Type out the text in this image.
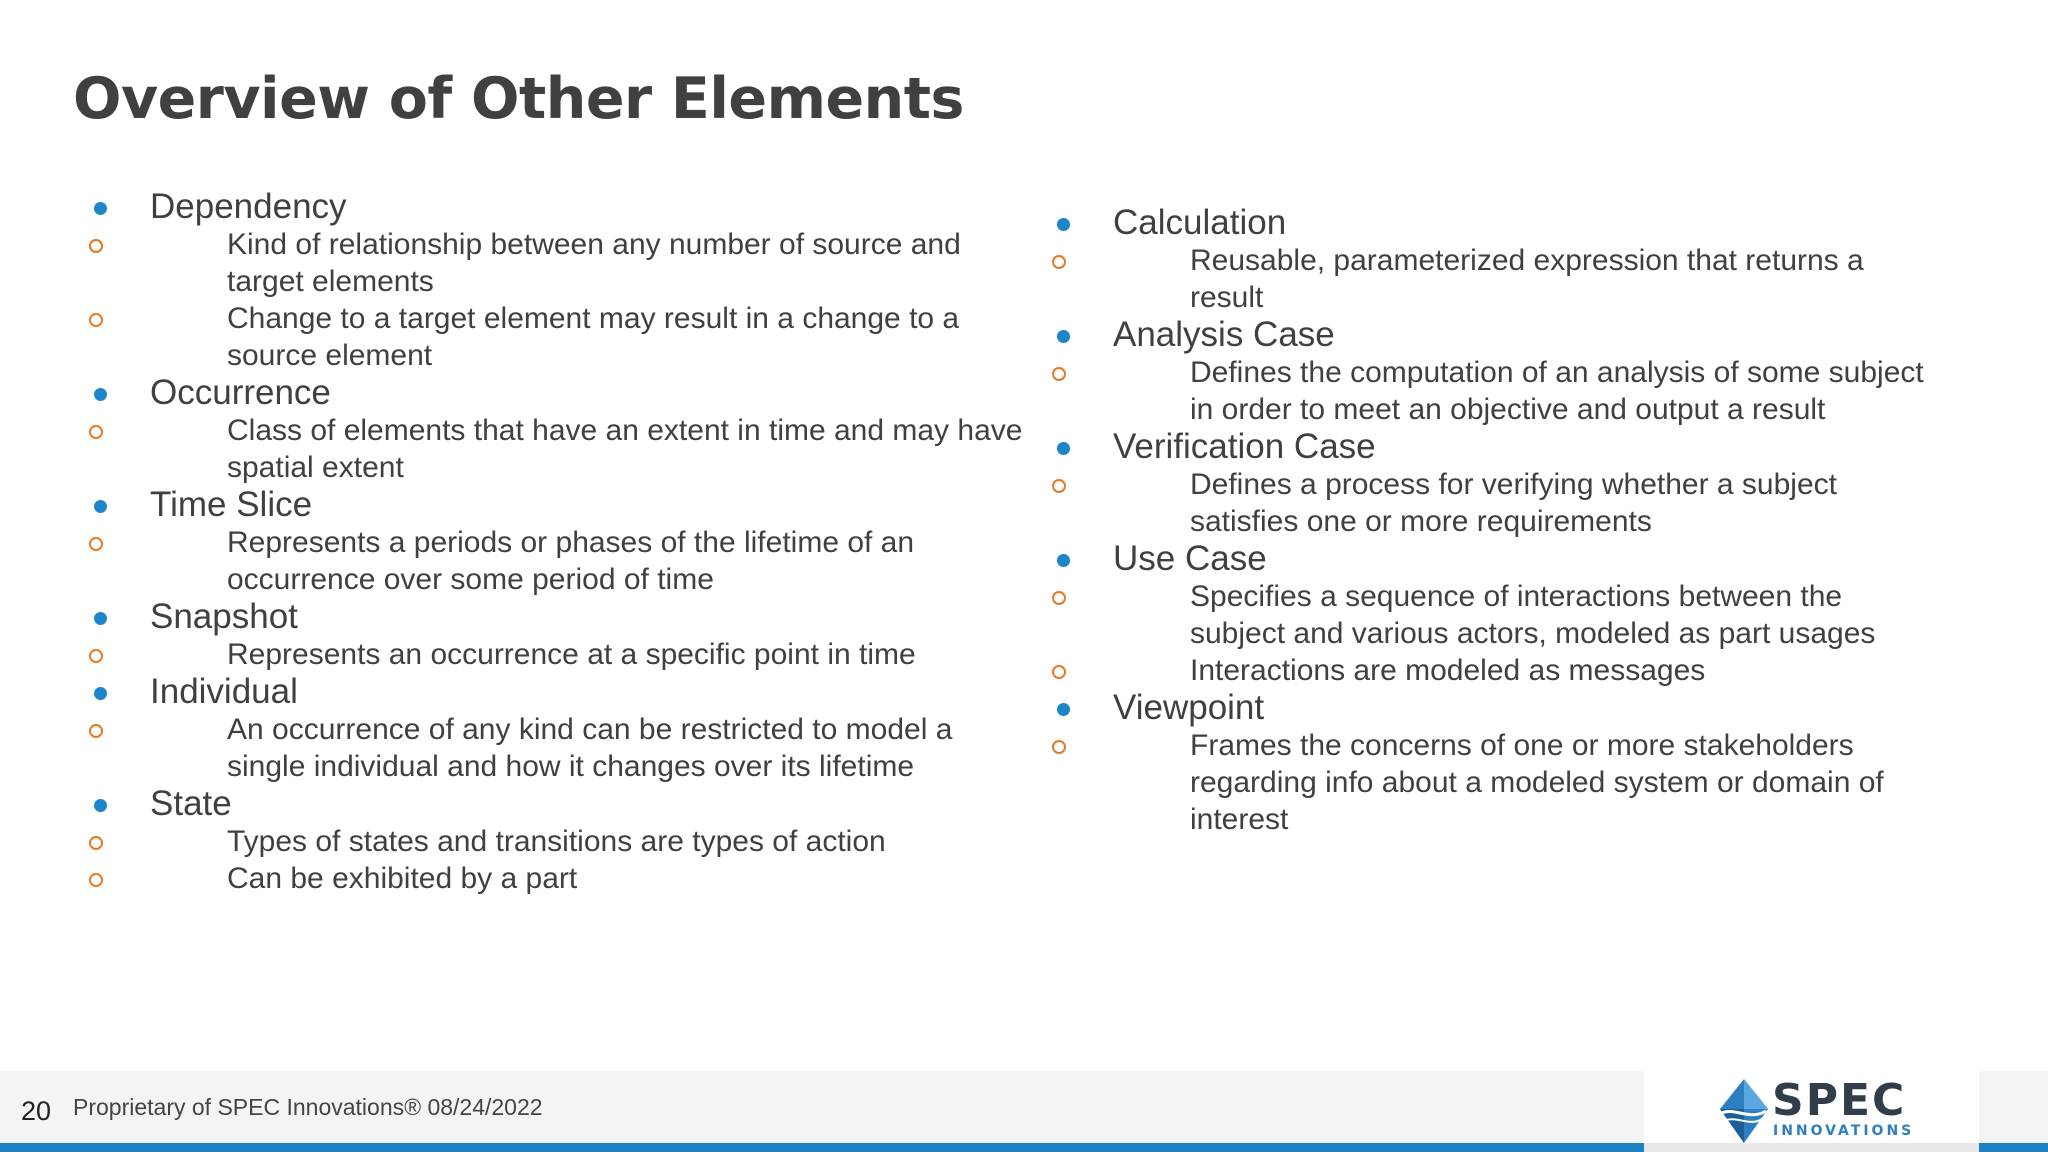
Overview of Other Elements
Dependency
Kind of relationship between any number of source and target elements
Change to a target element may result in a change to a source element
Occurrence
Class of elements that have an extent in time and may have spatial extent
Time Slice
Represents a periods or phases of the lifetime of an occurrence over some period of time
Snapshot
Represents an occurrence at a specific point in time
Individual
An occurrence of any kind can be restricted to model a single individual and how it changes over its lifetime
State
Types of states and transitions are types of action
Can be exhibited by a part
Calculation
Reusable, parameterized expression that returns a result
Analysis Case
Defines the computation of an analysis of some subject in order to meet an objective and output a result
Verification Case
Defines a process for verifying whether a subject satisfies one or more requirements
Use Case
Specifies a sequence of interactions between the subject and various actors, modeled as part usages
Interactions are modeled as messages
Viewpoint
Frames the concerns of one or more stakeholders regarding info about a modeled system or domain of interest
20 Proprietary of SPEC Innovations® 08/24/2022	SPEC
INNOVATIONS
